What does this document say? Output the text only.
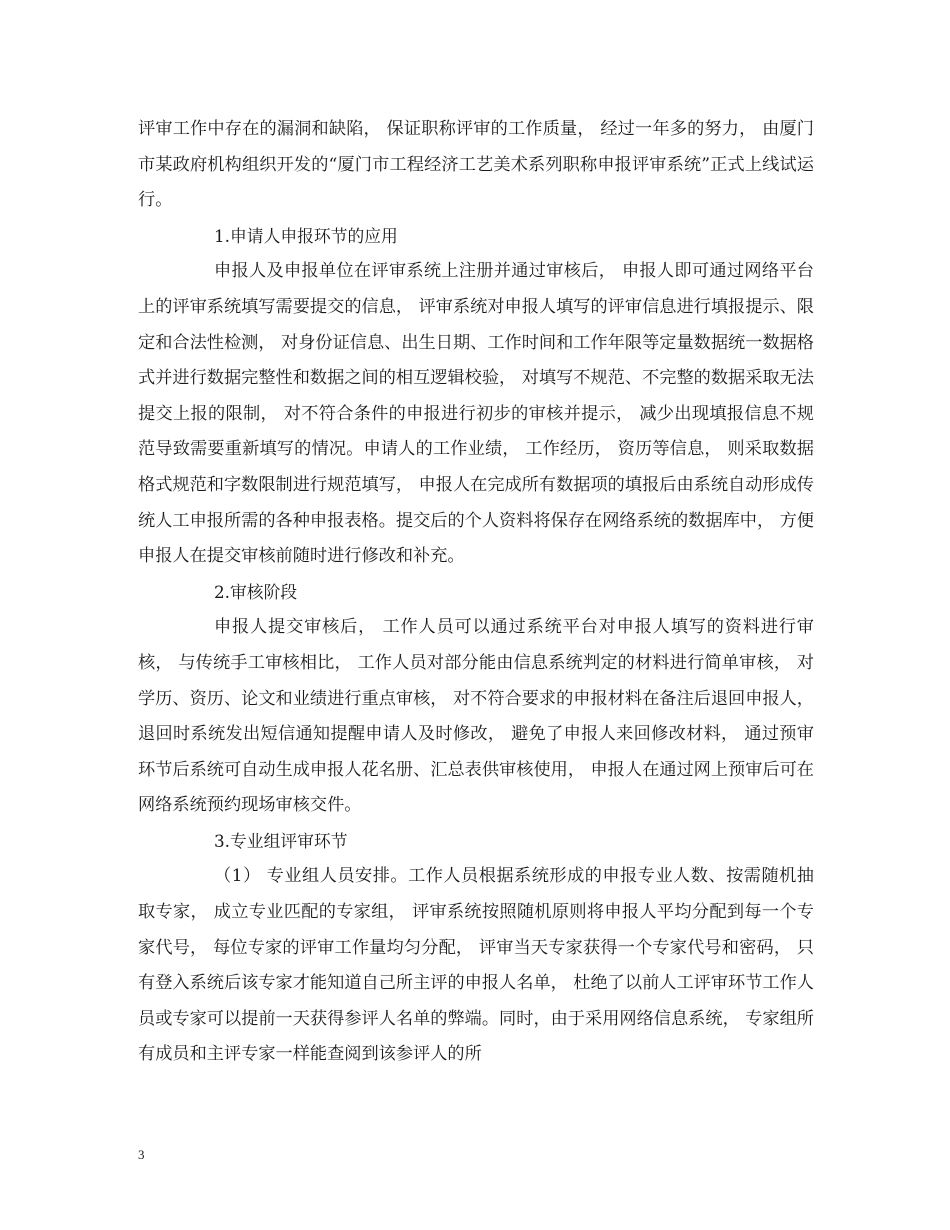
评审工作中存在的漏洞和缺陷， 保证职称评审的工作质量， 经过一年多的努力， 由厦门市某政府机构组织开发的“厦门市工程经济工艺美术系列职称申报评审系统”正式上线试运行。

1.申请人申报环节的应用

申报人及申报单位在评审系统上注册并通过审核后， 申报人即可通过网络平台上的评审系统填写需要提交的信息， 评审系统对申报人填写的评审信息进行填报提示、限定和合法性检测， 对身份证信息、出生日期、工作时间和工作年限等定量数据统一数据格式并进行数据完整性和数据之间的相互逻辑校验， 对填写不规范、不完整的数据采取无法提交上报的限制， 对不符合条件的申报进行初步的审核并提示， 减少出现填报信息不规范导致需要重新填写的情况。申请人的工作业绩， 工作经历， 资历等信息， 则采取数据格式规范和字数限制进行规范填写， 申报人在完成所有数据项的填报后由系统自动形成传统人工申报所需的各种申报表格。提交后的个人资料将保存在网络系统的数据库中， 方便申报人在提交审核前随时进行修改和补充。

2.审核阶段

申报人提交审核后， 工作人员可以通过系统平台对申报人填写的资料进行审核， 与传统手工审核相比， 工作人员对部分能由信息系统判定的材料进行简单审核， 对学历、资历、论文和业绩进行重点审核， 对不符合要求的申报材料在备注后退回申报人， 退回时系统发出短信通知提醒申请人及时修改， 避免了申报人来回修改材料， 通过预审环节后系统可自动生成申报人花名册、汇总表供审核使用， 申报人在通过网上预审后可在网络系统预约现场审核交件。

3.专业组评审环节

（1） 专业组人员安排。工作人员根据系统形成的申报专业人数、按需随机抽取专家， 成立专业匹配的专家组， 评审系统按照随机原则将申报人平均分配到每一个专家代号， 每位专家的评审工作量均匀分配， 评审当天专家获得一个专家代号和密码， 只有登入系统后该专家才能知道自己所主评的申报人名单， 杜绝了以前人工评审环节工作人员或专家可以提前一天获得参评人名单的弊端。同时，由于采用网络信息系统， 专家组所有成员和主评专家一样能查阅到该参评人的所

3
